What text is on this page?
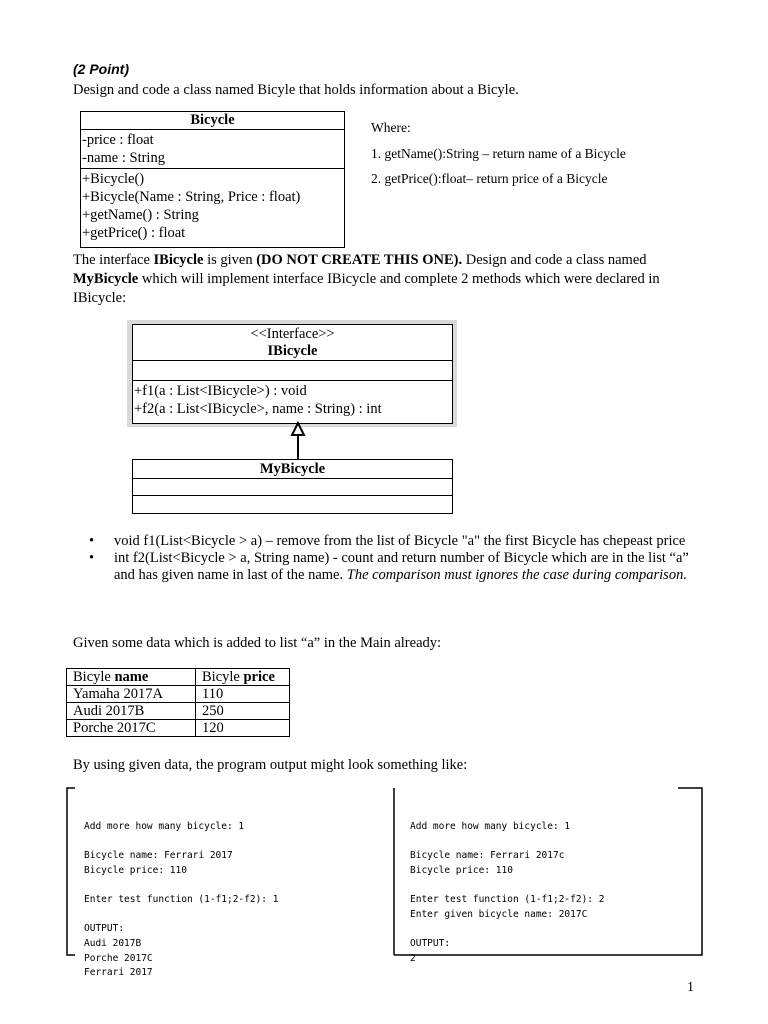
(2 Point)
Design and code a class named Bicyle that holds information about a Bicyle.
Bicycle
-price : float
-name : String
+Bicycle()
+Bicycle(Name : String, Price : float)
+getName() : String
+getPrice() : float
Where:
1. getName():String – return name of a Bicycle
2. getPrice():float– return price of a Bicycle
The interface IBicycle is given (DO NOT CREATE THIS ONE). Design and code a class named MyBicycle which will implement interface IBicycle and complete 2 methods which were declared in IBicycle:
<<Interface>>
IBicycle
+f1(a : List<IBicycle>) : void
+f2(a : List<IBicycle>, name : String) : int
MyBicycle
• void f1(List<Bicycle > a) – remove from the list of Bicycle "a" the first Bicycle has chepeast price
• int f2(List<Bicycle > a, String name) - count and return number of Bicycle which are in the list “a” and has given name in last of the name. The comparison must ignores the case during comparison.
Given some data which is added to list “a” in the Main already:
Bicyle name	Bicyle price
Yamaha 2017A	110
Audi 2017B	250
Porche 2017C	120
By using given data, the program output might look something like:

Add more how many bicycle: 1
Bicycle name: Ferrari 2017
Bicycle price: 110
Enter test function (1-f1;2-f2): 1
OUTPUT:
Audi 2017B
Porche 2017C
Ferrari 2017

Add more how many bicycle: 1
Bicycle name: Ferrari 2017c
Bicycle price: 110
Enter test function (1-f1;2-f2): 2
Enter given bicycle name: 2017C
OUTPUT:
2

1
